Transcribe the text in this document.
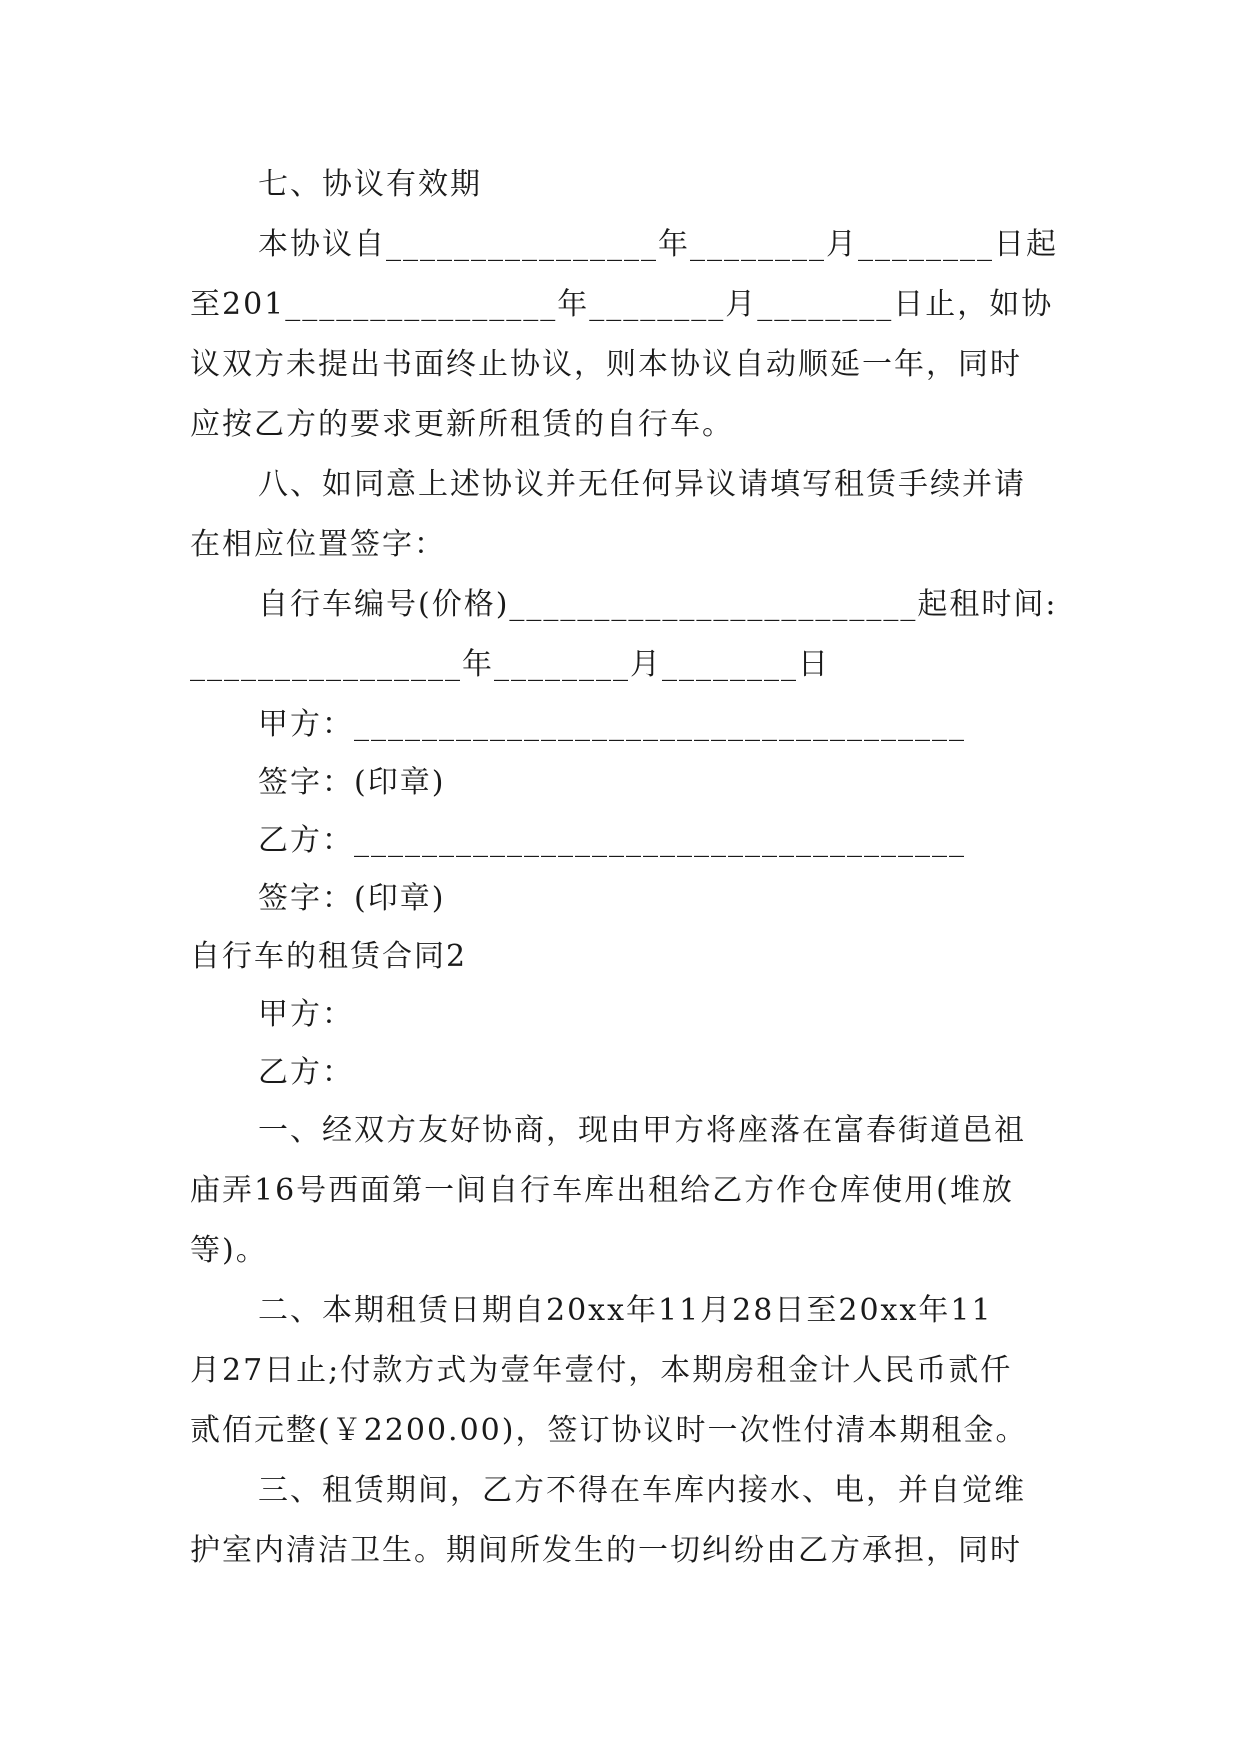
七、协议有效期
本协议自________________年________月________日起
至201________________年________月________日止，如协
议双方未提出书面终止协议，则本协议自动顺延一年，同时
应按乙方的要求更新所租赁的自行车。
八、如同意上述协议并无任何异议请填写租赁手续并请
在相应位置签字：
自行车编号(价格)________________________起租时间:
________________年________月________日
甲方：____________________________________
签字：(印章)
乙方：____________________________________
签字：(印章)
自行车的租赁合同2
甲方：
乙方：
一、经双方友好协商，现由甲方将座落在富春街道邑祖
庙弄16号西面第一间自行车库出租给乙方作仓库使用(堆放
等)。
二、本期租赁日期自20xx年11月28日至20xx年11
月27日止;付款方式为壹年壹付，本期房租金计人民币贰仟
贰佰元整(￥2200.00)，签订协议时一次性付清本期租金。
三、租赁期间，乙方不得在车库内接水、电，并自觉维
护室内清洁卫生。期间所发生的一切纠纷由乙方承担，同时
